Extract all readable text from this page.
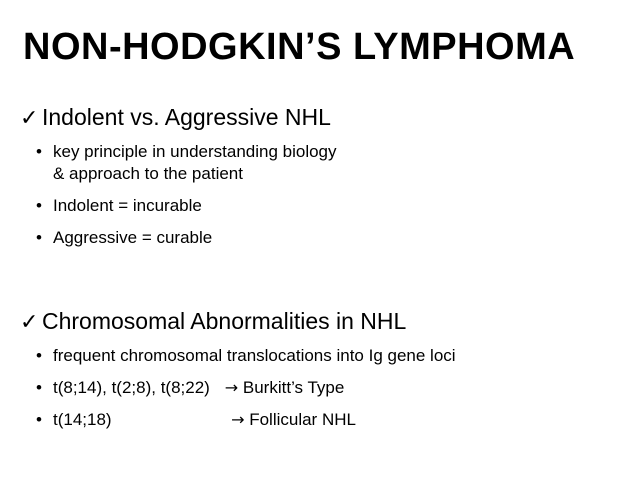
NON-HODGKIN’S LYMPHOMA
✓ Indolent vs. Aggressive NHL
• key principle in understanding biology
& approach to the patient
• Indolent = incurable
• Aggressive = curable
✓ Chromosomal Abnormalities in NHL
• frequent chromosomal translocations into Ig gene loci
• t(8;14), t(2;8), t(8;22)   → Burkitt’s Type
• t(14;18)	→ Follicular NHL
